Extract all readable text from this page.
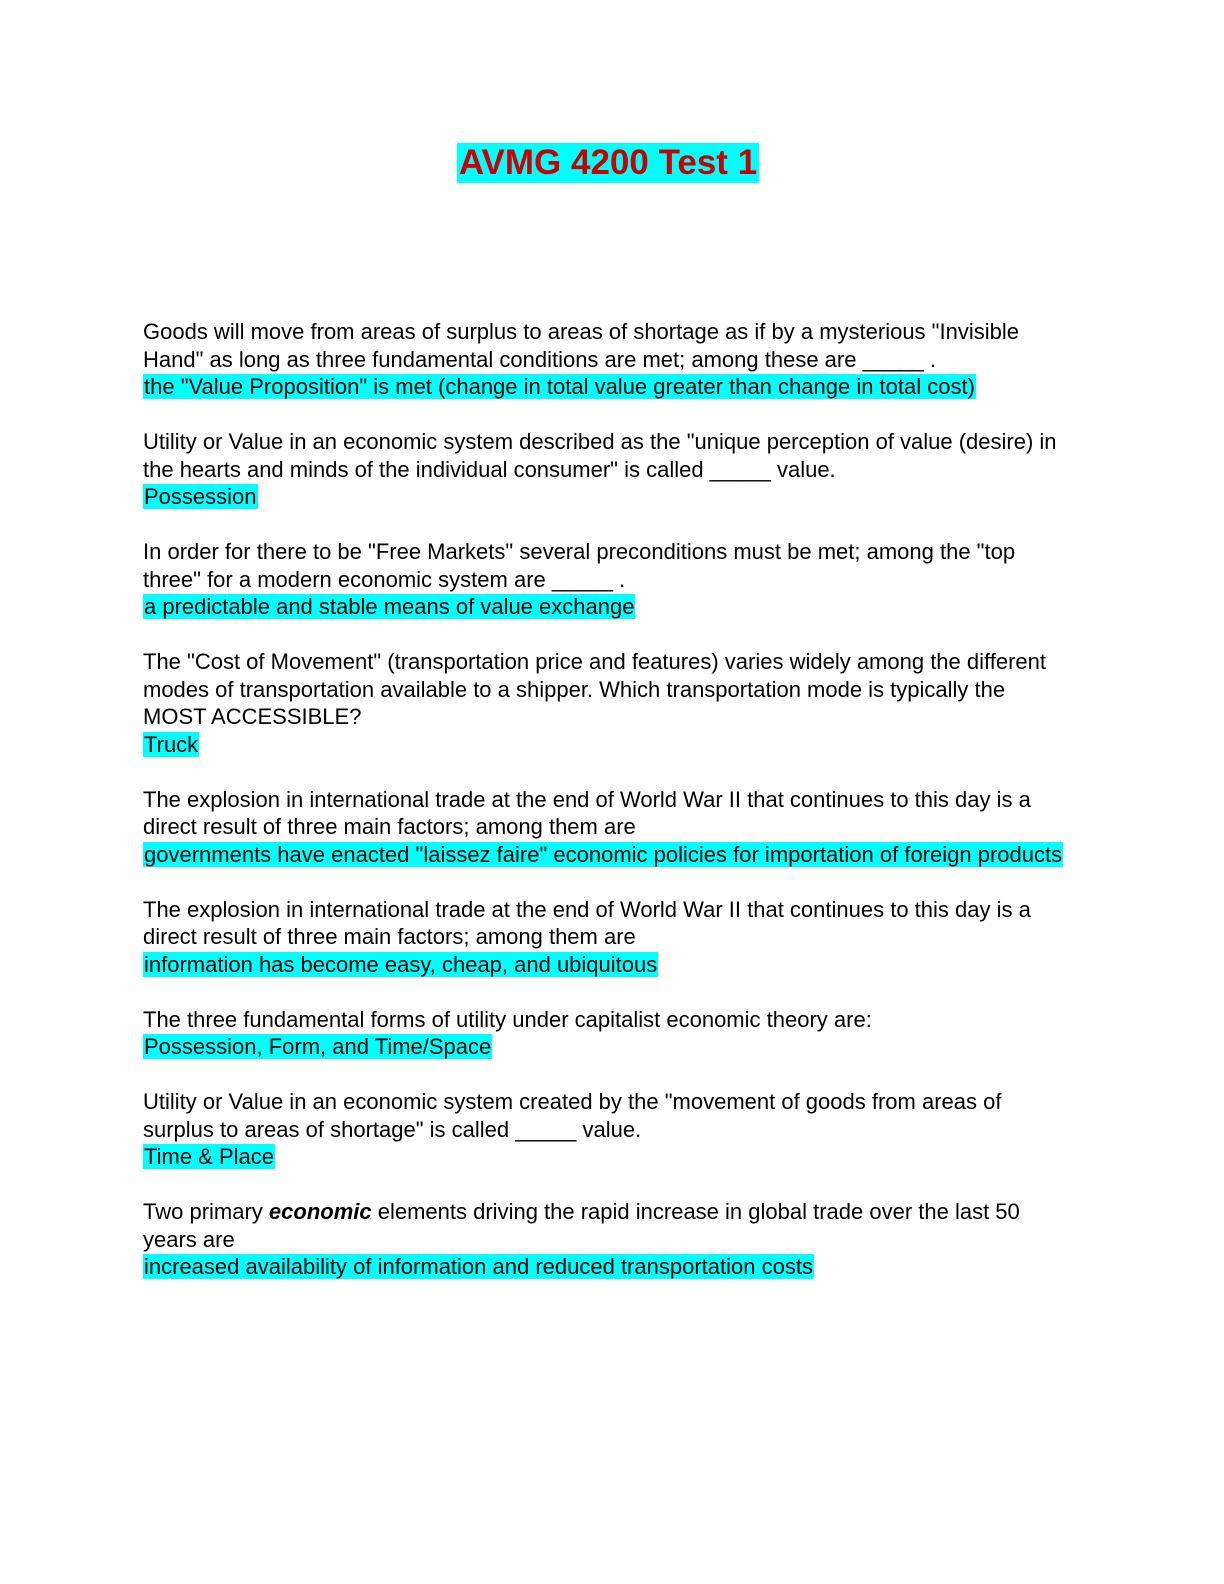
AVMG 4200 Test 1

Goods will move from areas of surplus to areas of shortage as if by a mysterious "Invisible Hand" as long as three fundamental conditions are met; among these are _____ .

the "Value Proposition" is met (change in total value greater than change in total cost)

Utility or Value in an economic system described as the "unique perception of value (desire) in the hearts and minds of the individual consumer" is called _____ value.

Possession

In order for there to be "Free Markets" several preconditions must be met; among the "top three" for a modern economic system are _____ .

a predictable and stable means of value exchange

The "Cost of Movement" (transportation price and features) varies widely among the different modes of transportation available to a shipper. Which transportation mode is typically the MOST ACCESSIBLE?

Truck

The explosion in international trade at the end of World War II that continues to this day is a direct result of three main factors; among them are

governments have enacted "laissez faire" economic policies for importation of foreign products

The explosion in international trade at the end of World War II that continues to this day is a direct result of three main factors; among them are

information has become easy, cheap, and ubiquitous

The three fundamental forms of utility under capitalist economic theory are:

Possession, Form, and Time/Space

Utility or Value in an economic system created by the "movement of goods from areas of surplus to areas of shortage" is called _____ value.

Time & Place

Two primary economic elements driving the rapid increase in global trade over the last 50 years are

increased availability of information and reduced transportation costs
